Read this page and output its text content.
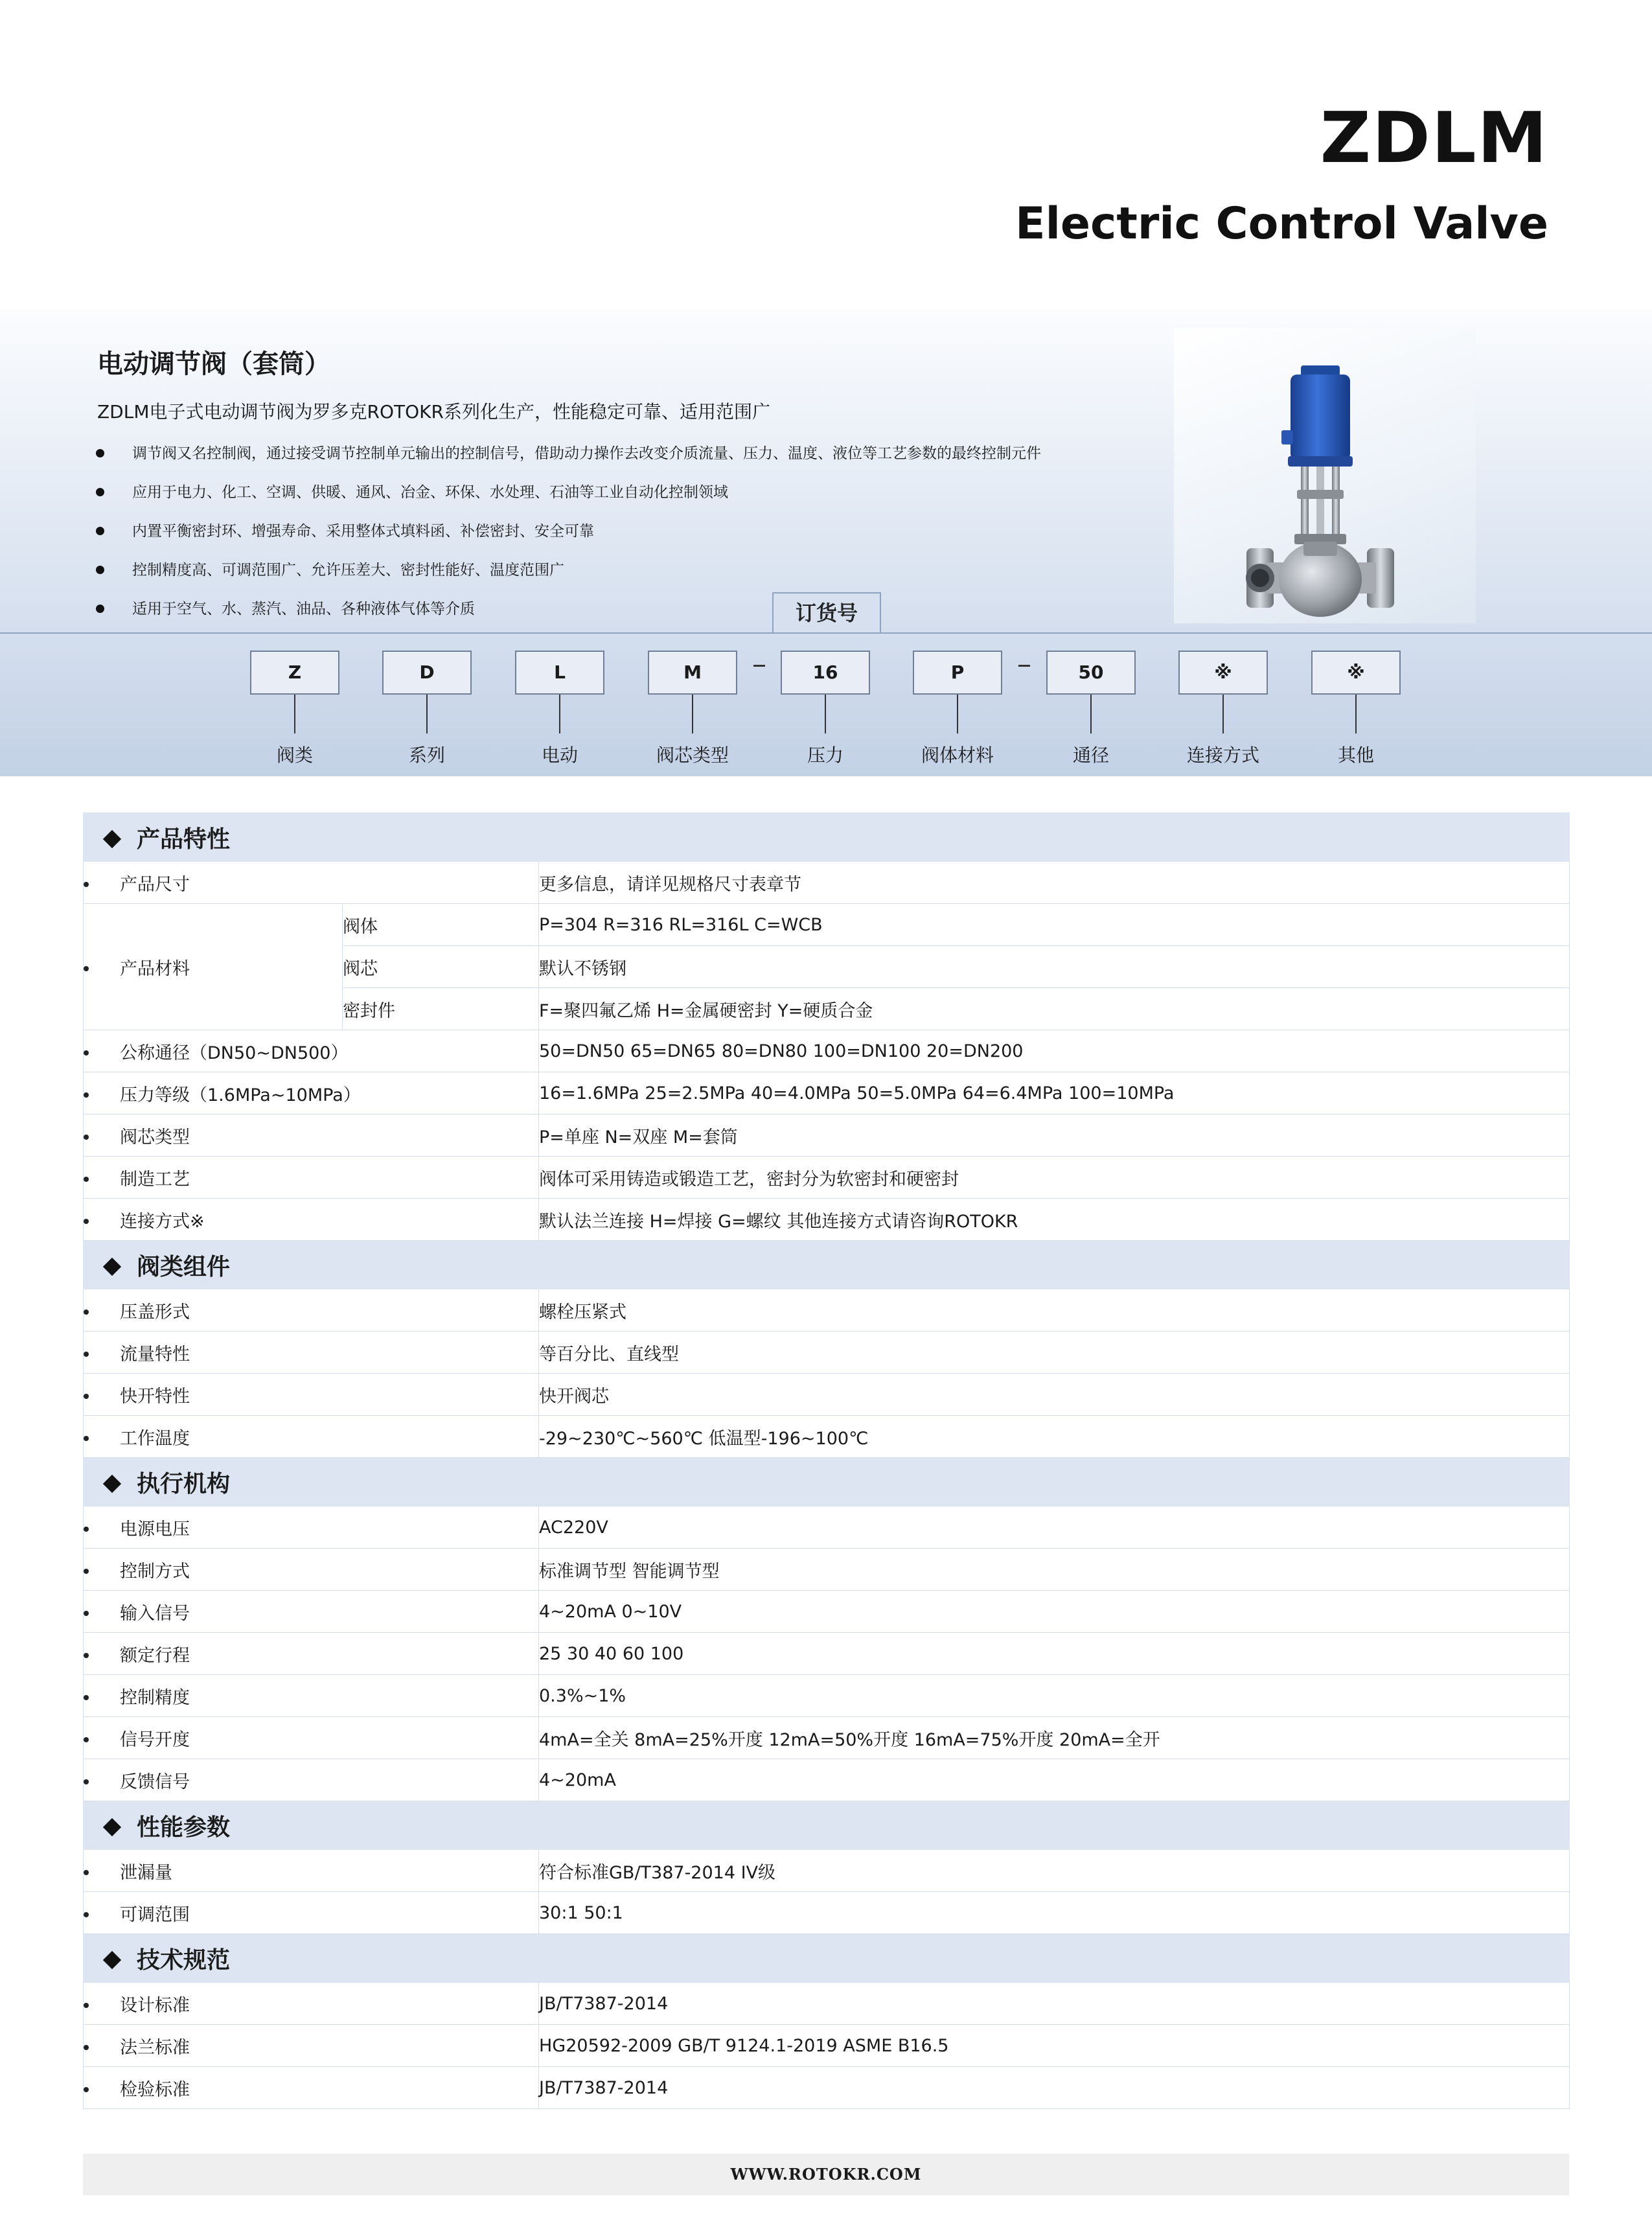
ZDLM
Electric Control Valve
电动调节阀（套筒）
ZDLM电子式电动调节阀为罗多克ROTOKR系列化生产，性能稳定可靠、适用范围广
调节阀又名控制阀，通过接受调节控制单元输出的控制信号，借助动力操作去改变介质流量、压力、温度、液位等工艺参数的最终控制元件
应用于电力、化工、空调、供暖、通风、冶金、环保、水处理、石油等工业自动化控制领域
内置平衡密封环、增强寿命、采用整体式填料函、补偿密封、安全可靠
控制精度高、可调范围广、允许压差大、密封性能好、温度范围广
适用于空气、水、蒸汽、油品、各种液体气体等介质	订货号
Z
阀类
D
系列
L
电动
M
阀芯类型
16
压力
P
阀体材料
50
通径
※
连接方式
※
其他
产品特性		
产品尺寸		更多信息，请详见规格尺寸表章节
产品材料	阀体	P=304 R=316 RL=316L C=WCB
	阀芯	默认不锈钢
	密封件	F=聚四氟乙烯 H=金属硬密封 Y=硬质合金
公称通径（DN50~DN500）		50=DN50 65=DN65 80=DN80 100=DN100 20=DN200
压力等级（1.6MPa~10MPa）		16=1.6MPa 25=2.5MPa 40=4.0MPa 50=5.0MPa 64=6.4MPa 100=10MPa
阀芯类型		P=单座 N=双座 M=套筒
制造工艺		阀体可采用铸造或锻造工艺，密封分为软密封和硬密封
连接方式※		默认法兰连接 H=焊接 G=螺纹 其他连接方式请咨询ROTOKR
阀类组件		
压盖形式		螺栓压紧式
流量特性		等百分比、直线型
快开特性		快开阀芯
工作温度		-29~230℃~560℃ 低温型-196~100℃
执行机构		
电源电压		AC220V
控制方式		标准调节型 智能调节型
输入信号		4~20mA 0~10V
额定行程		25 30 40 60 100
控制精度		0.3%~1%
信号开度		4mA=全关 8mA=25%开度 12mA=50%开度 16mA=75%开度 20mA=全开
反馈信号		4~20mA
性能参数		
泄漏量		符合标准GB/T387-2014 IV级
可调范围		30:1 50:1
技术规范		
设计标准		JB/T7387-2014
法兰标准		HG20592-2009 GB/T 9124.1-2019 ASME B16.5
检验标准		JB/T7387-2014
WWW.ROTOKR.COM
